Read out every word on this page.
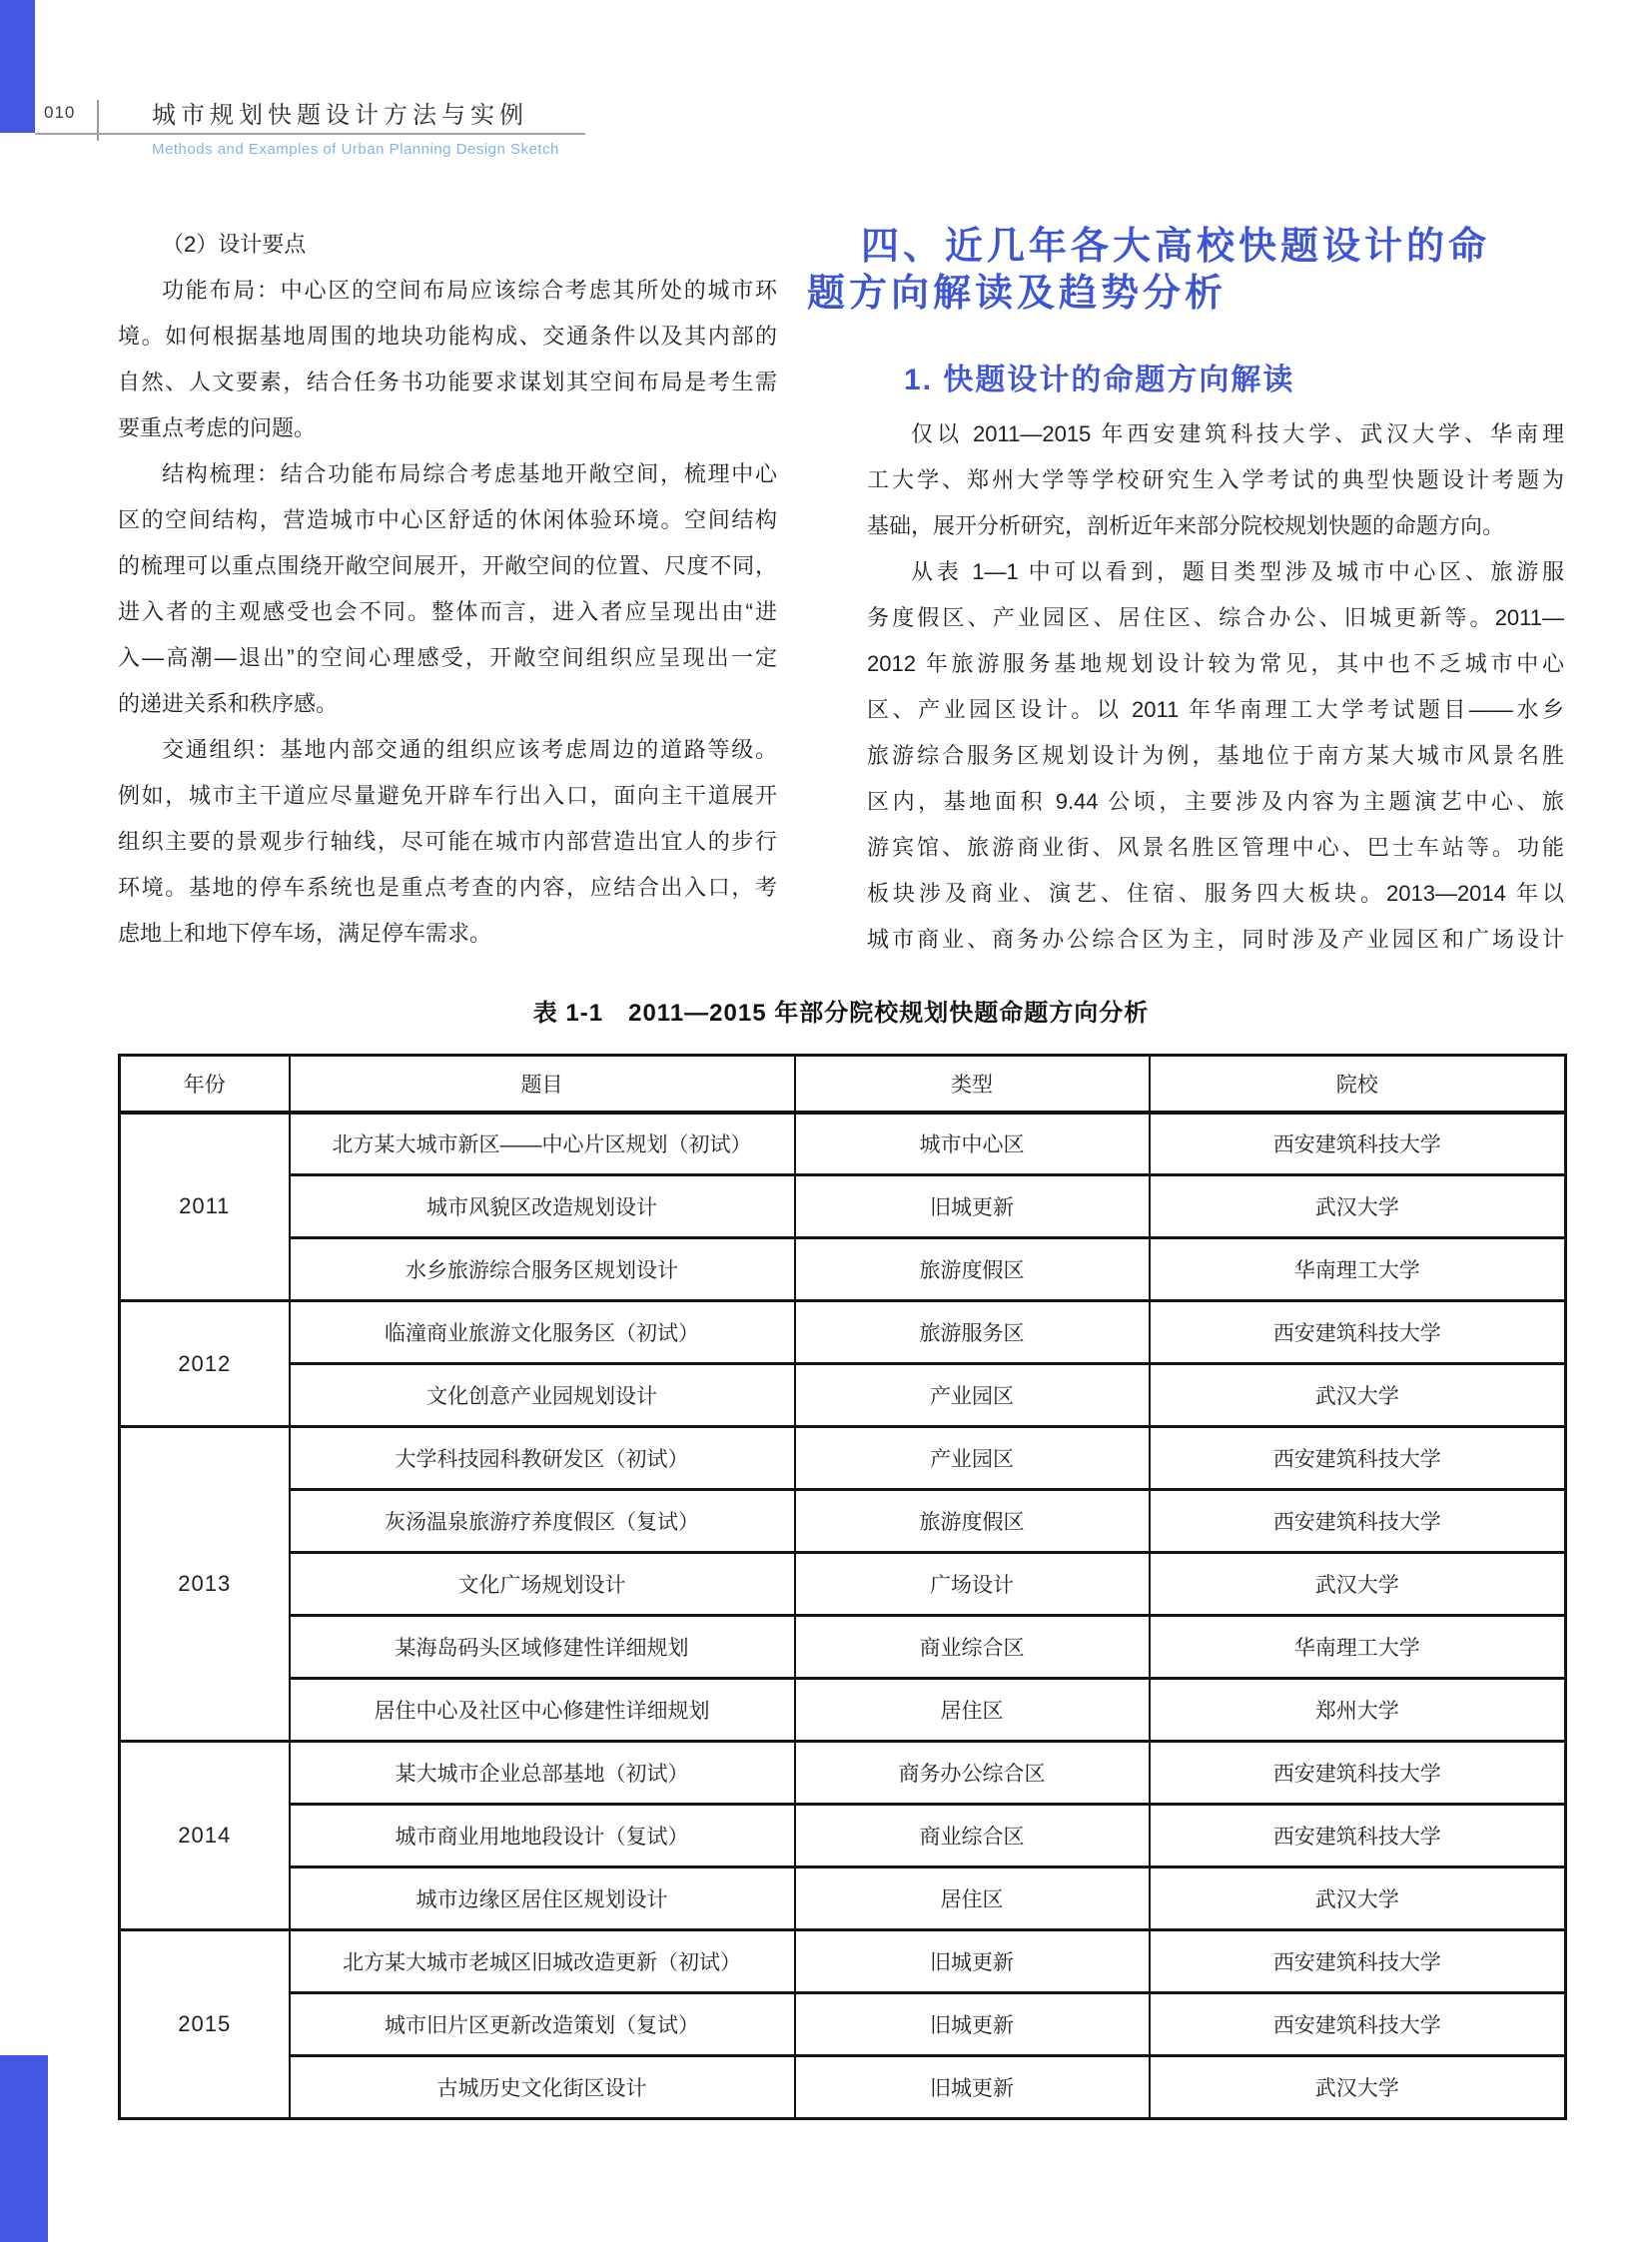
010	城市规划快题设计方法与实例
Methods and Examples of Urban Planning Design Sketch
（2）设计要点
功能布局：中心区的空间布局应该综合考虑其所处的城市环
境。如何根据基地周围的地块功能构成、交通条件以及其内部的
自然、人文要素，结合任务书功能要求谋划其空间布局是考生需
要重点考虑的问题。
结构梳理：结合功能布局综合考虑基地开敞空间，梳理中心
区的空间结构，营造城市中心区舒适的休闲体验环境。空间结构
的梳理可以重点围绕开敞空间展开，开敞空间的位置、尺度不同，
进入者的主观感受也会不同。整体而言，进入者应呈现出由“进
入—高潮—退出”的空间心理感受，开敞空间组织应呈现出一定
的递进关系和秩序感。
交通组织：基地内部交通的组织应该考虑周边的道路等级。
例如，城市主干道应尽量避免开辟车行出入口，面向主干道展开
组织主要的景观步行轴线，尽可能在城市内部营造出宜人的步行
环境。基地的停车系统也是重点考查的内容，应结合出入口，考
虑地上和地下停车场，满足停车需求。
四、近几年各大高校快题设计的命
题方向解读及趋势分析
1. 快题设计的命题方向解读
仅以 2011—2015 年西安建筑科技大学、武汉大学、华南理
工大学、郑州大学等学校研究生入学考试的典型快题设计考题为
基础，展开分析研究，剖析近年来部分院校规划快题的命题方向。
从表 1—1 中可以看到，题目类型涉及城市中心区、旅游服
务度假区、产业园区、居住区、综合办公、旧城更新等。2011—
2012 年旅游服务基地规划设计较为常见，其中也不乏城市中心
区、产业园区设计。以 2011 年华南理工大学考试题目——水乡
旅游综合服务区规划设计为例，基地位于南方某大城市风景名胜
区内，基地面积 9.44 公顷，主要涉及内容为主题演艺中心、旅
游宾馆、旅游商业街、风景名胜区管理中心、巴士车站等。功能
板块涉及商业、演艺、住宿、服务四大板块。2013—2014 年以
城市商业、商务办公综合区为主，同时涉及产业园区和广场设计
表 1-1　2011—2015 年部分院校规划快题命题方向分析
年份	题目	类型	院校
2011	北方某大城市新区——中心片区规划（初试）	城市中心区	西安建筑科技大学
	城市风貌区改造规划设计	旧城更新	武汉大学
	水乡旅游综合服务区规划设计	旅游度假区	华南理工大学
2012	临潼商业旅游文化服务区（初试）	旅游服务区	西安建筑科技大学
	文化创意产业园规划设计	产业园区	武汉大学
2013	大学科技园科教研发区（初试）	产业园区	西安建筑科技大学
	灰汤温泉旅游疗养度假区（复试）	旅游度假区	西安建筑科技大学
	文化广场规划设计	广场设计	武汉大学
	某海岛码头区域修建性详细规划	商业综合区	华南理工大学
	居住中心及社区中心修建性详细规划	居住区	郑州大学
2014	某大城市企业总部基地（初试）	商务办公综合区	西安建筑科技大学
	城市商业用地地段设计（复试）	商业综合区	西安建筑科技大学
	城市边缘区居住区规划设计	居住区	武汉大学
2015	北方某大城市老城区旧城改造更新（初试）	旧城更新	西安建筑科技大学
	城市旧片区更新改造策划（复试）	旧城更新	西安建筑科技大学
	古城历史文化街区设计	旧城更新	武汉大学
